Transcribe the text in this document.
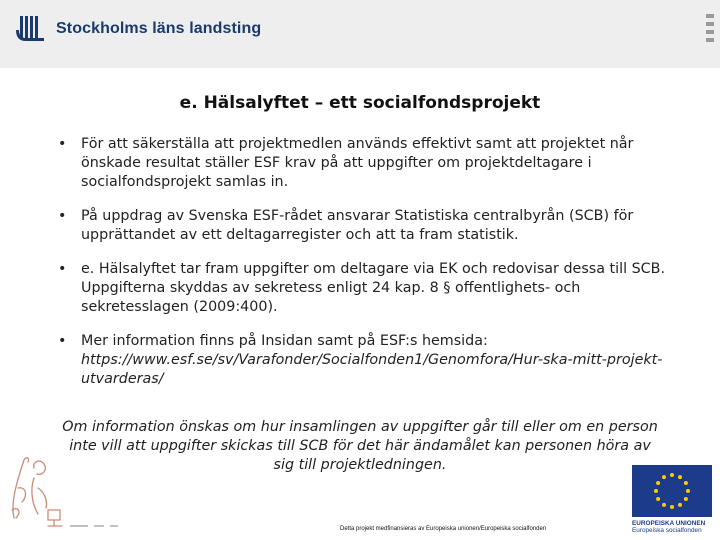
Stockholms läns landsting
e. Hälsalyftet – ett socialfondsprojekt
• För att säkerställa att projektmedlen används effektivt samt att projektet når önskade resultat ställer ESF krav på att uppgifter om projektdeltagare i socialfondsprojekt samlas in.
• På uppdrag av Svenska ESF-rådet ansvarar Statistiska centralbyrån (SCB) för upprättandet av ett deltagarregister och att ta fram statistik.
• e. Hälsalyftet tar fram uppgifter om deltagare via EK och redovisar dessa till SCB. Uppgifterna skyddas av sekretess enligt 24 kap. 8 § offentlighets- och sekretesslagen (2009:400).
• Mer information finns på Insidan samt på ESF:s hemsida:
https://www.esf.se/sv/Varafonder/Socialfonden1/Genomfora/Hur-ska-mitt-projekt-utvarderas/
Om information önskas om hur insamlingen av uppgifter går till eller om en person inte vill att uppgifter skickas till SCB för det här ändamålet kan personen höra av sig till projektledningen.
Detta projekt medfinansieras av Europeiska unionen/Europeiska socialfonden
EUROPEISKA UNIONEN
Europeiska socialfonden
